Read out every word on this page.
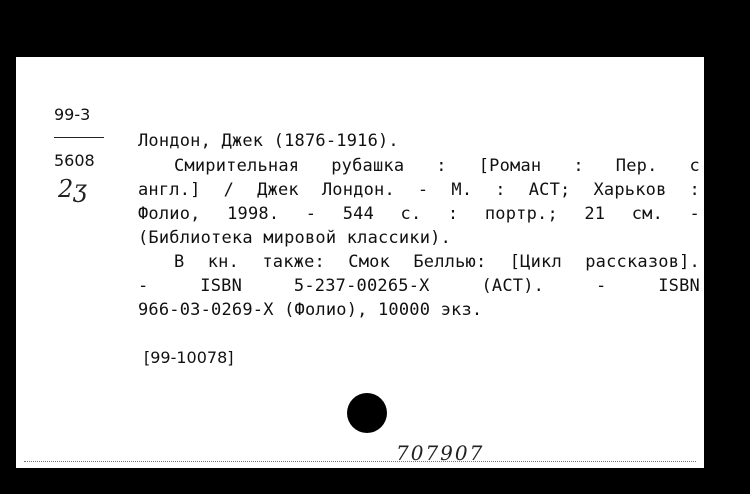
99-3
5608
2ʒ
Лондон, Джек (1876-1916).
Смирительная рубашка : [Роман : Пер. с
англ.] / Джек Лондон. - М. : АСТ; Харьков :
Фолио, 1998. - 544 с. : портр.; 21 см. -
(Библиотека мировой классики).
В кн. также: Смок Беллью: [Цикл рассказов].
- ISBN 5-237-00265-X (АСТ). - ISBN
966-03-0269-X (Фолио), 10000 экз.
[99-10078]
707907
